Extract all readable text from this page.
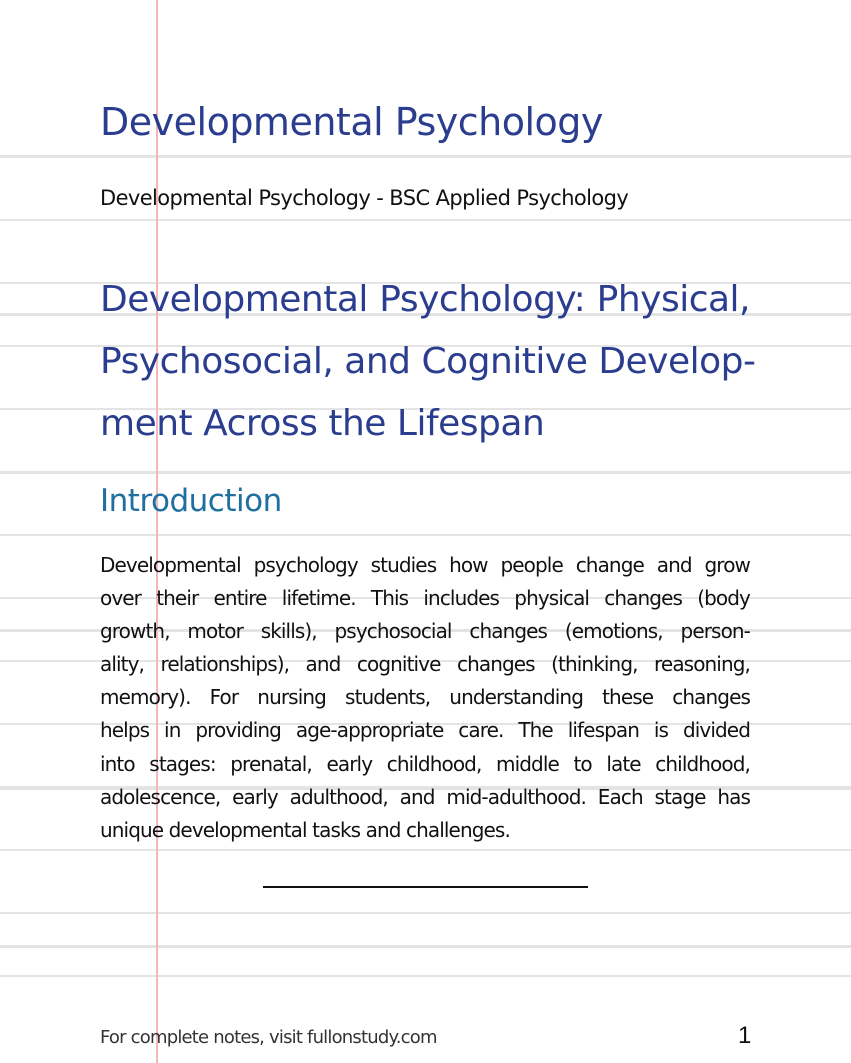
Developmental Psychology

Developmental Psychology - BSC Applied Psychology

Developmental Psychology: Physical,
Psychosocial, and Cognitive Develop-
ment Across the Lifespan
Introduction
Developmental psychology studies how people change and grow
over their entire lifetime. This includes physical changes (body
growth, motor skills), psychosocial changes (emotions, person-
ality, relationships), and cognitive changes (thinking, reasoning,
memory). For nursing students, understanding these changes
helps in providing age-appropriate care. The lifespan is divided
into stages: prenatal, early childhood, middle to late childhood,
adolescence, early adulthood, and mid-adulthood. Each stage has
unique developmental tasks and challenges.

For complete notes, visit fullonstudy.com	1
